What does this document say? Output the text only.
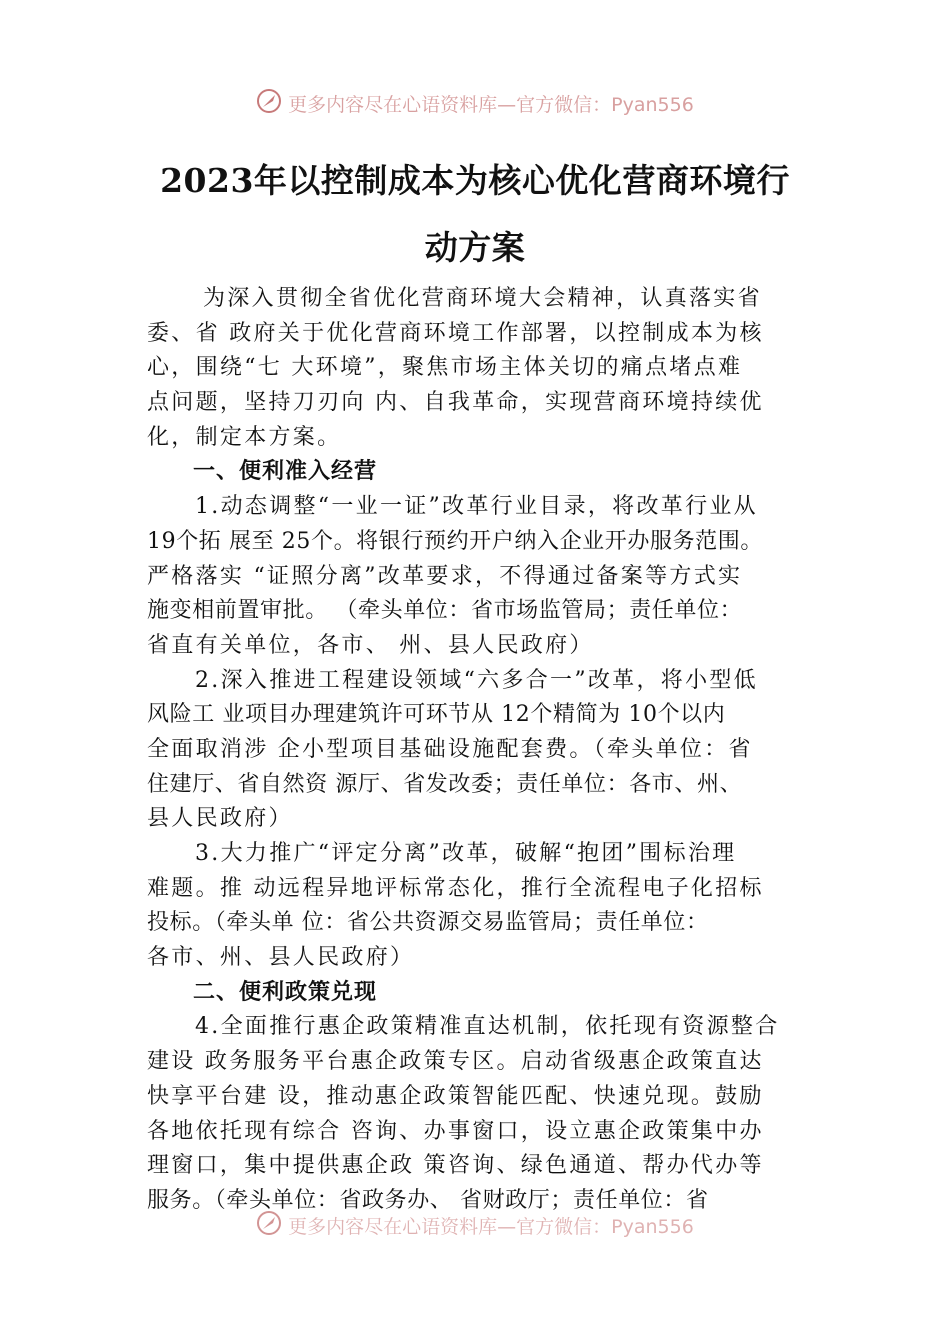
更多内容尽在心语资料库—官方微信：Pyan556
2023年以控制成本为核心优化营商环境行
动方案
为深入贯彻全省优化营商环境大会精神，认真落实省
委、省 政府关于优化营商环境工作部署，以控制成本为核
心，围绕“七 大环境”，聚焦市场主体关切的痛点堵点难
点问题，坚持刀刃向 内、自我革命，实现营商环境持续优
化，制定本方案。
一、便利准入经营
1.动态调整“一业一证”改革行业目录，将改革行业从
19个拓 展至 25个。将银行预约开户纳入企业开办服务范围。
严格落实 “证照分离”改革要求，不得通过备案等方式实
施变相前置审批。 （牵头单位：省市场监管局；责任单位：
省直有关单位，各市、 州、县人民政府）
2.深入推进工程建设领域“六多合一”改革，将小型低
风险工 业项目办理建筑许可环节从 12个精简为 10个以内
全面取消涉 企小型项目基础设施配套费。（牵头单位：省
住建厅、省自然资 源厅、省发改委；责任单位：各市、州、
县人民政府）
3.大力推广“评定分离”改革，破解“抱团”围标治理
难题。推 动远程异地评标常态化，推行全流程电子化招标
投标。（牵头单 位：省公共资源交易监管局；责任单位：
各市、州、县人民政府）
二、便利政策兑现
4.全面推行惠企政策精准直达机制，依托现有资源整合
建设 政务服务平台惠企政策专区。启动省级惠企政策直达
快享平台建 设，推动惠企政策智能匹配、快速兑现。鼓励
各地依托现有综合 咨询、办事窗口，设立惠企政策集中办
理窗口，集中提供惠企政 策咨询、绿色通道、帮办代办等
服务。（牵头单位：省政务办、 省财政厅；责任单位：省
更多内容尽在心语资料库—官方微信：Pyan556
